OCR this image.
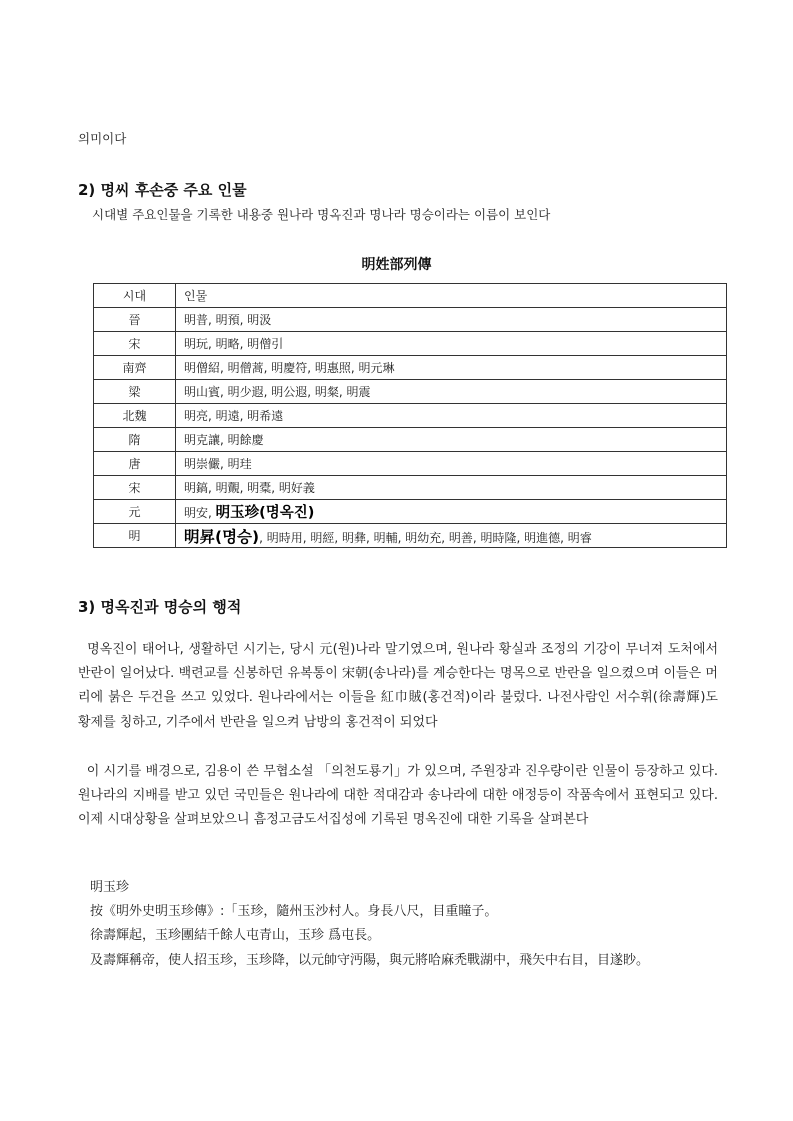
의미이다
2) 명씨 후손중 주요 인물
시대별 주요인물을 기록한 내용중 원나라 명옥진과 명나라 명승이라는 이름이 보인다
明姓部列傳
시대	인물
晉	明普, 明預, 明汲
宋	明玩, 明略, 明僧引
南齊	明僧紹, 明僧蒿, 明慶符, 明惠照, 明元琳
梁	明山賓, 明少遐, 明公遐, 明粲, 明震
北魏	明亮, 明遠, 明希遠
隋	明克讓, 明餘慶
唐	明崇儼, 明珪
宋	明鎬, 明覿, 明橐, 明好義
元	明安, 明玉珍(명옥진)
明	明昇(명승), 明時用, 明經, 明彝, 明輔, 明幼充, 明善, 明時隆, 明進德, 明睿
3) 명옥진과 명승의 행적
명옥진이 태어나, 생활하던 시기는, 당시 元(원)나라 말기였으며, 원나라 황실과 조정의 기강이 무너져 도처에서 반란이 일어났다. 백련교를 신봉하던 유복통이 宋朝(송나라)를 계승한다는 명목으로 반란을 일으켰으며 이들은 머리에 붉은 두건을 쓰고 있었다. 원나라에서는 이들을 紅巾賊(홍건적)이라 불렀다. 나전사람인 서수휘(徐壽輝)도 황제를 칭하고, 기주에서 반란을 일으켜 남방의 홍건적이 되었다
이 시기를 배경으로, 김용이 쓴 무협소설 「의천도룡기」가 있으며, 주원장과 진우량이란 인물이 등장하고 있다. 원나라의 지배를 받고 있던 국민들은 원나라에 대한 적대감과 송나라에 대한 애정등이 작품속에서 표현되고 있다. 이제 시대상황을 살펴보았으니 흠정고금도서집성에 기록된 명옥진에 대한 기록을 살펴본다
明玉珍
按《明外史明玉珍傳》:「玉珍，隨州玉沙村人。身長八尺，目重瞳子。
徐壽輝起，玉珍團結千餘人屯青山，玉珍 爲屯長。
及壽輝稱帝，使人招玉珍，玉珍降，以元帥守沔陽，與元將哈麻禿戰湖中，飛矢中右目，目遂眇。
